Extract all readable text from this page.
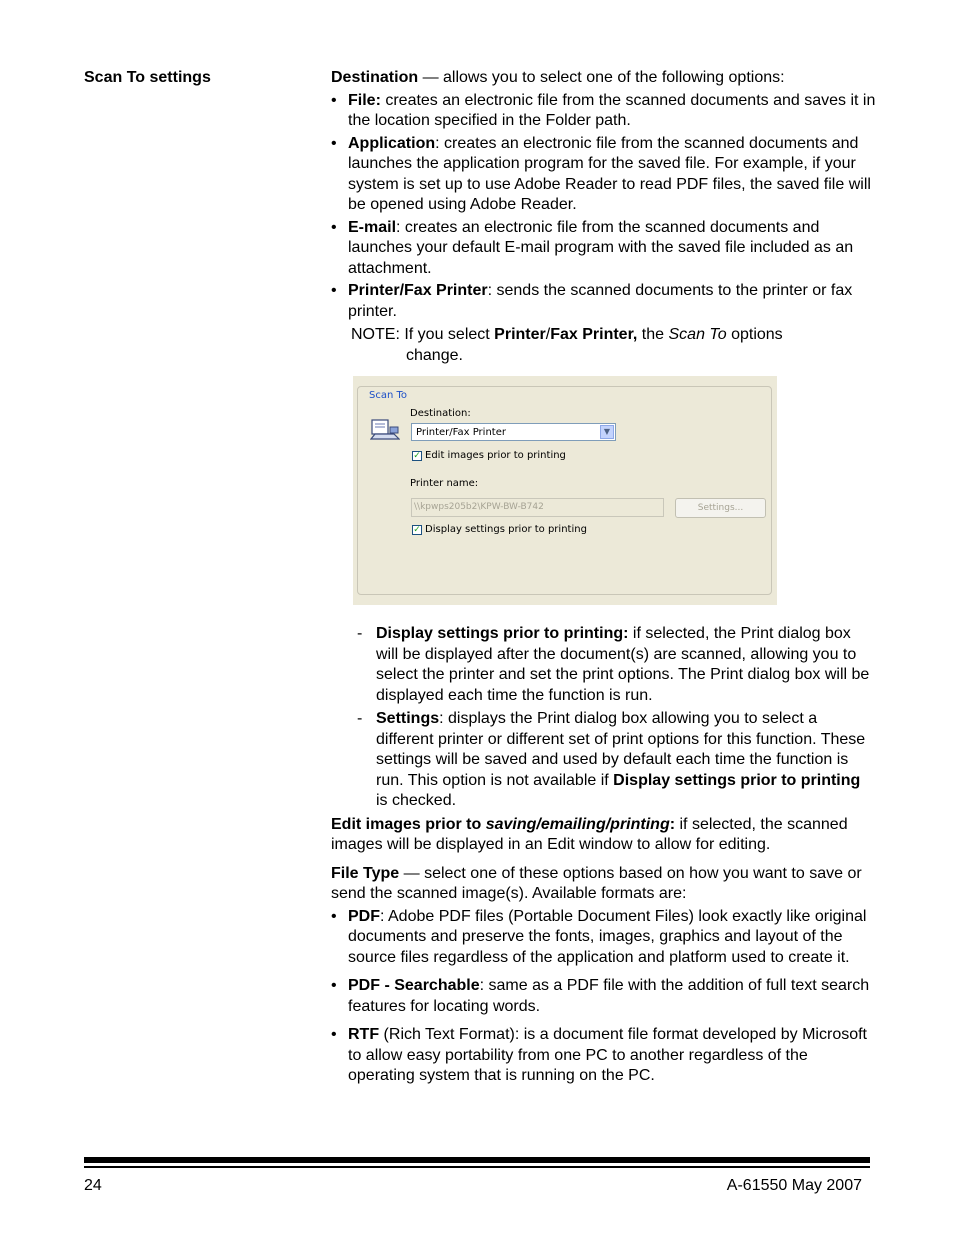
Scan To settings	Destination — allows you to select one of the following options:

• File: creates an electronic file from the scanned documents and saves it in the location specified in the Folder path.
• Application: creates an electronic file from the scanned documents and launches the application program for the saved file. For example, if your system is set up to use Adobe Reader to read PDF files, the saved file will be opened using Adobe Reader.
• E-mail: creates an electronic file from the scanned documents and launches your default E-mail program with the saved file included as an attachment.
• Printer/Fax Printer: sends the scanned documents to the printer or fax printer.
NOTE: If you select Printer/Fax Printer, the Scan To options
change.
Scan To
Destination:
Printer/Fax Printer	▼
✓ Edit images prior to printing
Printer name:
\\kpwps205b2\KPW-BW-B742	Settings...
✓ Display settings prior to printing
- Display settings prior to printing: if selected, the Print dialog box will be displayed after the document(s) are scanned, allowing you to select the printer and set the print options. The Print dialog box will be displayed each time the function is run.
- Settings: displays the Print dialog box allowing you to select a different printer or different set of print options for this function. These settings will be saved and used by default each time the function is run. This option is not available if Display settings prior to printing is checked.

Edit images prior to saving/emailing/printing: if selected, the scanned images will be displayed in an Edit window to allow for editing.

File Type — select one of these options based on how you want to save or send the scanned image(s). Available formats are:

• PDF: Adobe PDF files (Portable Document Files) look exactly like original documents and preserve the fonts, images, graphics and layout of the source files regardless of the application and platform used to create it.
• PDF - Searchable: same as a PDF file with the addition of full text search features for locating words.
• RTF (Rich Text Format): is a document file format developed by Microsoft to allow easy portability from one PC to another regardless of the operating system that is running on the PC.
24	A-61550 May 2007
